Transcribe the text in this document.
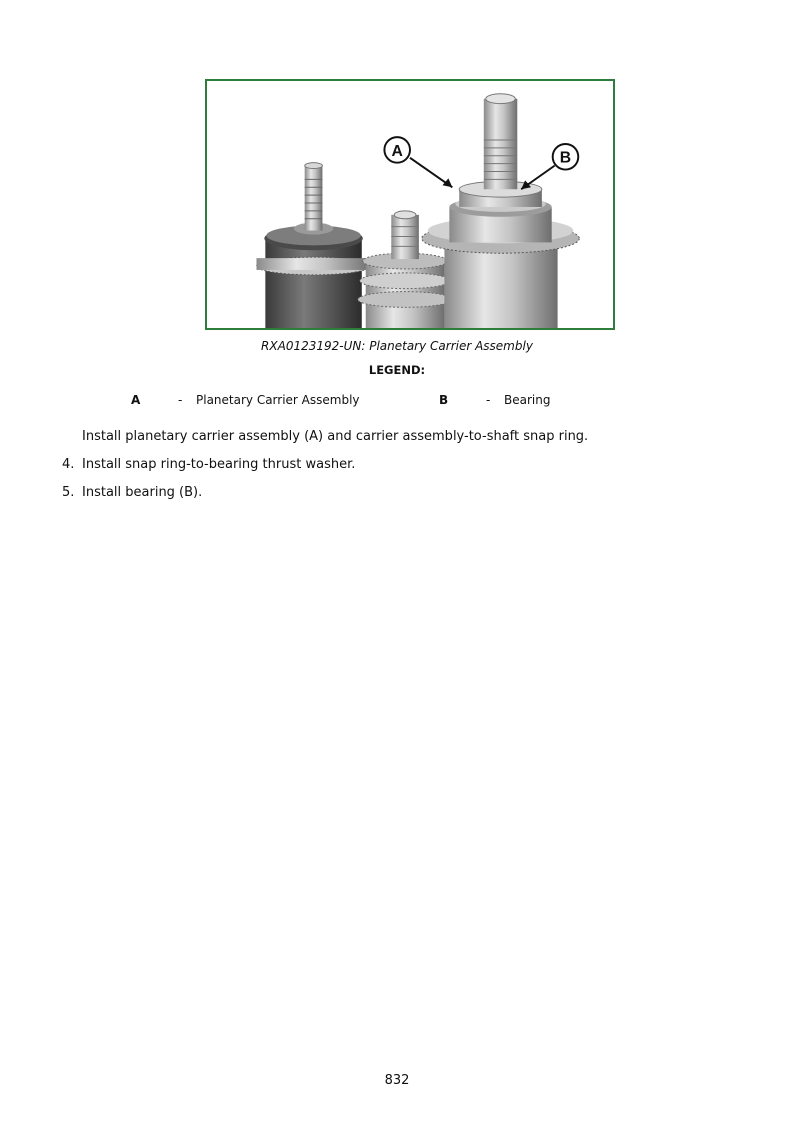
A	B
RXA0123192-UN: Planetary Carrier Assembly
LEGEND:
A	- Planetary Carrier Assembly	B	- Bearing
Install planetary carrier assembly (A) and carrier assembly-to-shaft snap ring.
4. Install snap ring-to-bearing thrust washer.
5. Install bearing (B).
832
